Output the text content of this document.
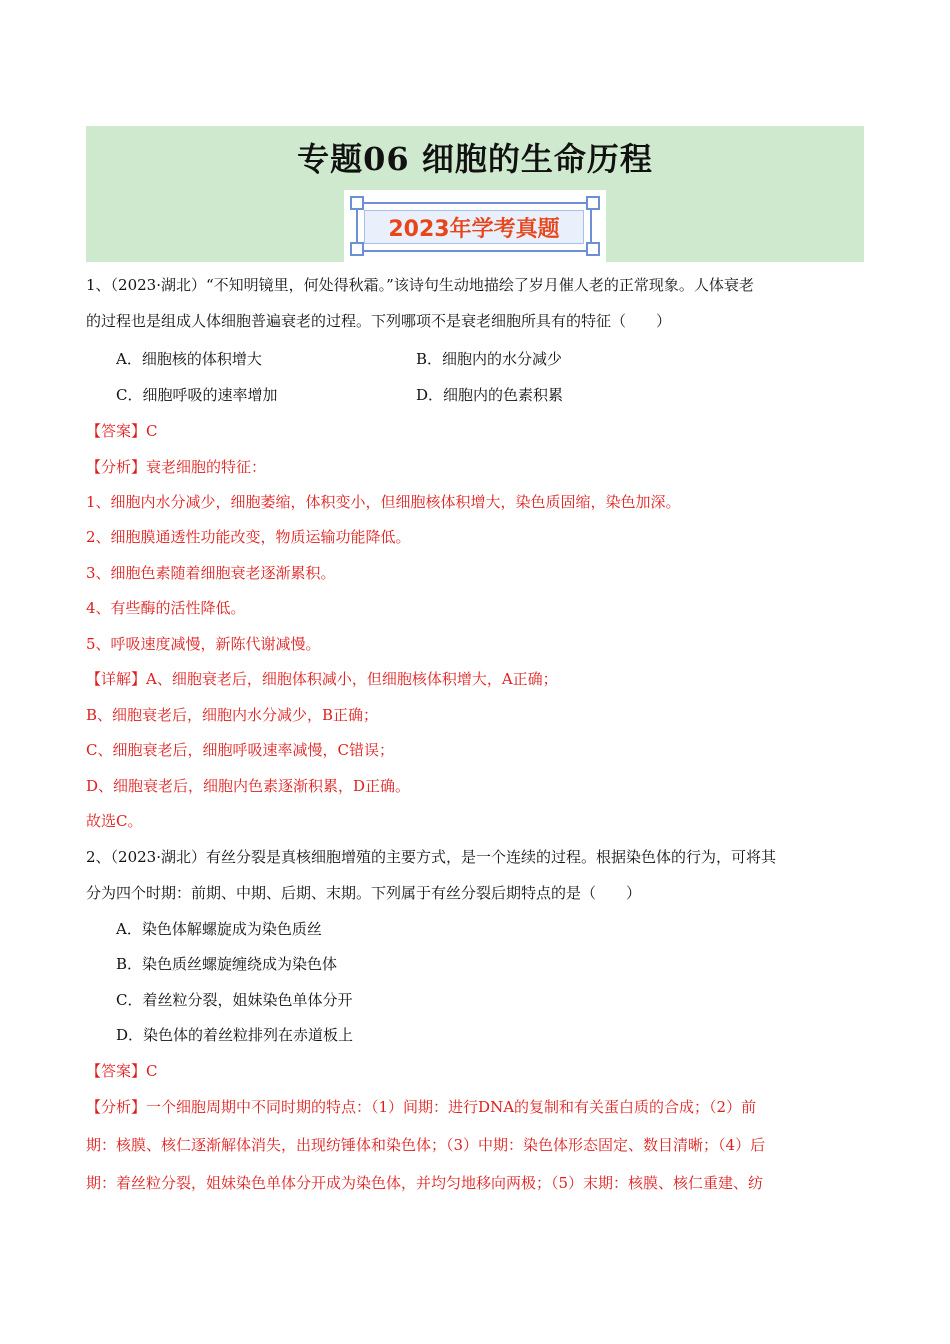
专题06 细胞的生命历程
2023年学考真题
1、（2023·湖北）“不知明镜里，何处得秋霜。”该诗句生动地描绘了岁月催人老的正常现象。人体衰老
的过程也是组成人体细胞普遍衰老的过程。下列哪项不是衰老细胞所具有的特征（　　）
A．细胞核的体积增大	B．细胞内的水分减少
C．细胞呼吸的速率增加	D．细胞内的色素积累
【答案】C
【分析】衰老细胞的特征：
1、细胞内水分减少，细胞萎缩，体积变小，但细胞核体积增大，染色质固缩，染色加深。
2、细胞膜通透性功能改变，物质运输功能降低。
3、细胞色素随着细胞衰老逐渐累积。
4、有些酶的活性降低。
5、呼吸速度减慢，新陈代谢减慢。
【详解】A、细胞衰老后，细胞体积减小，但细胞核体积增大，A正确；
B、细胞衰老后，细胞内水分减少，B正确；
C、细胞衰老后，细胞呼吸速率减慢，C错误；
D、细胞衰老后，细胞内色素逐渐积累，D正确。
故选C。
2、（2023·湖北）有丝分裂是真核细胞增殖的主要方式，是一个连续的过程。根据染色体的行为，可将其
分为四个时期：前期、中期、后期、末期。下列属于有丝分裂后期特点的是（　　）
A．染色体解螺旋成为染色质丝
B．染色质丝螺旋缠绕成为染色体
C．着丝粒分裂，姐妹染色单体分开
D．染色体的着丝粒排列在赤道板上
【答案】C
【分析】一个细胞周期中不同时期的特点：（1）间期：进行DNA的复制和有关蛋白质的合成；（2）前
期：核膜、核仁逐渐解体消失，出现纺锤体和染色体；（3）中期：染色体形态固定、数目清晰；（4）后
期：着丝粒分裂，姐妹染色单体分开成为染色体，并均匀地移向两极；（5）末期：核膜、核仁重建、纺
